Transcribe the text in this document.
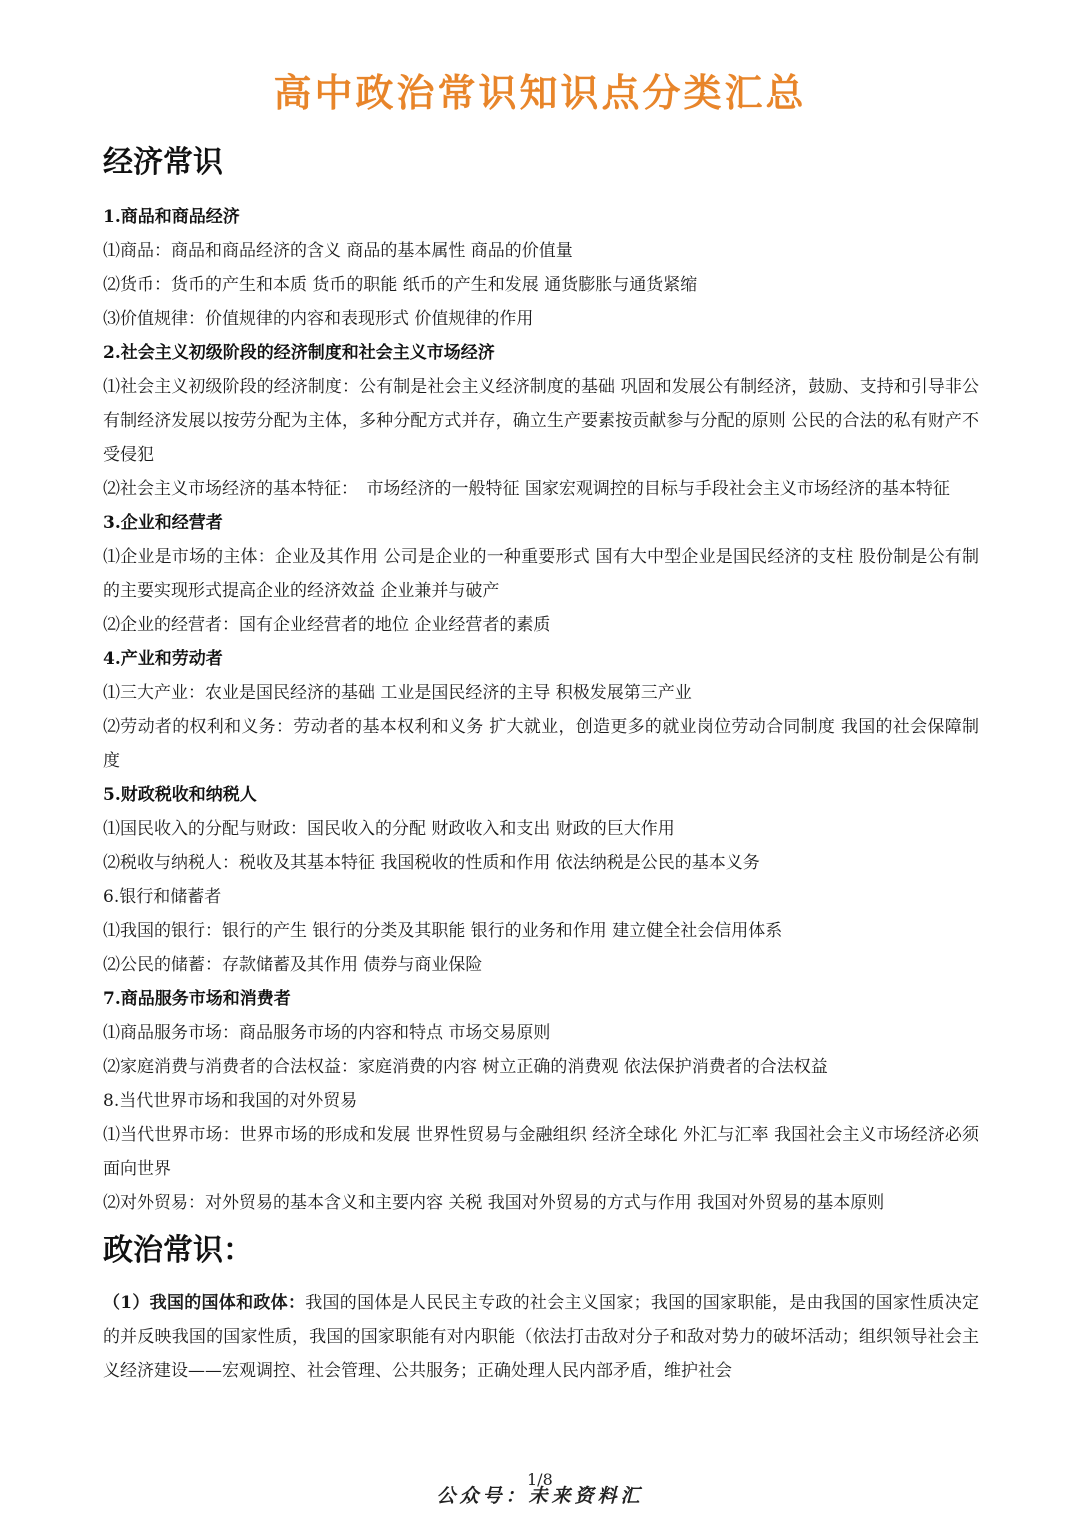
高中政治常识知识点分类汇总
经济常识

1.商品和商品经济

⑴商品：商品和商品经济的含义 商品的基本属性 商品的价值量

⑵货币：货币的产生和本质 货币的职能 纸币的产生和发展 通货膨胀与通货紧缩

⑶价值规律：价值规律的内容和表现形式 价值规律的作用

2.社会主义初级阶段的经济制度和社会主义市场经济

⑴社会主义初级阶段的经济制度：公有制是社会主义经济制度的基础 巩固和发展公有制经济，鼓励、支持和引导非公有制经济发展以按劳分配为主体，多种分配方式并存，确立生产要素按贡献参与分配的原则 公民的合法的私有财产不受侵犯

⑵社会主义市场经济的基本特征：　市场经济的一般特征 国家宏观调控的目标与手段社会主义市场经济的基本特征

3.企业和经营者

⑴企业是市场的主体：企业及其作用 公司是企业的一种重要形式 国有大中型企业是国民经济的支柱 股份制是公有制的主要实现形式提高企业的经济效益 企业兼并与破产

⑵企业的经营者：国有企业经营者的地位 企业经营者的素质

4.产业和劳动者

⑴三大产业：农业是国民经济的基础 工业是国民经济的主导 积极发展第三产业

⑵劳动者的权利和义务：劳动者的基本权利和义务 扩大就业，创造更多的就业岗位劳动合同制度 我国的社会保障制度

5.财政税收和纳税人

⑴国民收入的分配与财政：国民收入的分配 财政收入和支出 财政的巨大作用

⑵税收与纳税人：税收及其基本特征 我国税收的性质和作用 依法纳税是公民的基本义务

6.银行和储蓄者

⑴我国的银行：银行的产生 银行的分类及其职能 银行的业务和作用 建立健全社会信用体系

⑵公民的储蓄：存款储蓄及其作用 债券与商业保险

7.商品服务市场和消费者

⑴商品服务市场：商品服务市场的内容和特点 市场交易原则

⑵家庭消费与消费者的合法权益：家庭消费的内容 树立正确的消费观 依法保护消费者的合法权益

8.当代世界市场和我国的对外贸易

⑴当代世界市场：世界市场的形成和发展 世界性贸易与金融组织 经济全球化 外汇与汇率 我国社会主义市场经济必须面向世界

⑵对外贸易：对外贸易的基本含义和主要内容 关税 我国对外贸易的方式与作用 我国对外贸易的基本原则

政治常识：

（1）我国的国体和政体：我国的国体是人民民主专政的社会主义国家；我国的国家职能，是由我国的国家性质决定的并反映我国的国家性质，我国的国家职能有对内职能（依法打击敌对分子和敌对势力的破坏活动；组织领导社会主义经济建设——宏观调控、社会管理、公共服务；正确处理人民内部矛盾，维护社会

1/8
公众号：未来资料汇
